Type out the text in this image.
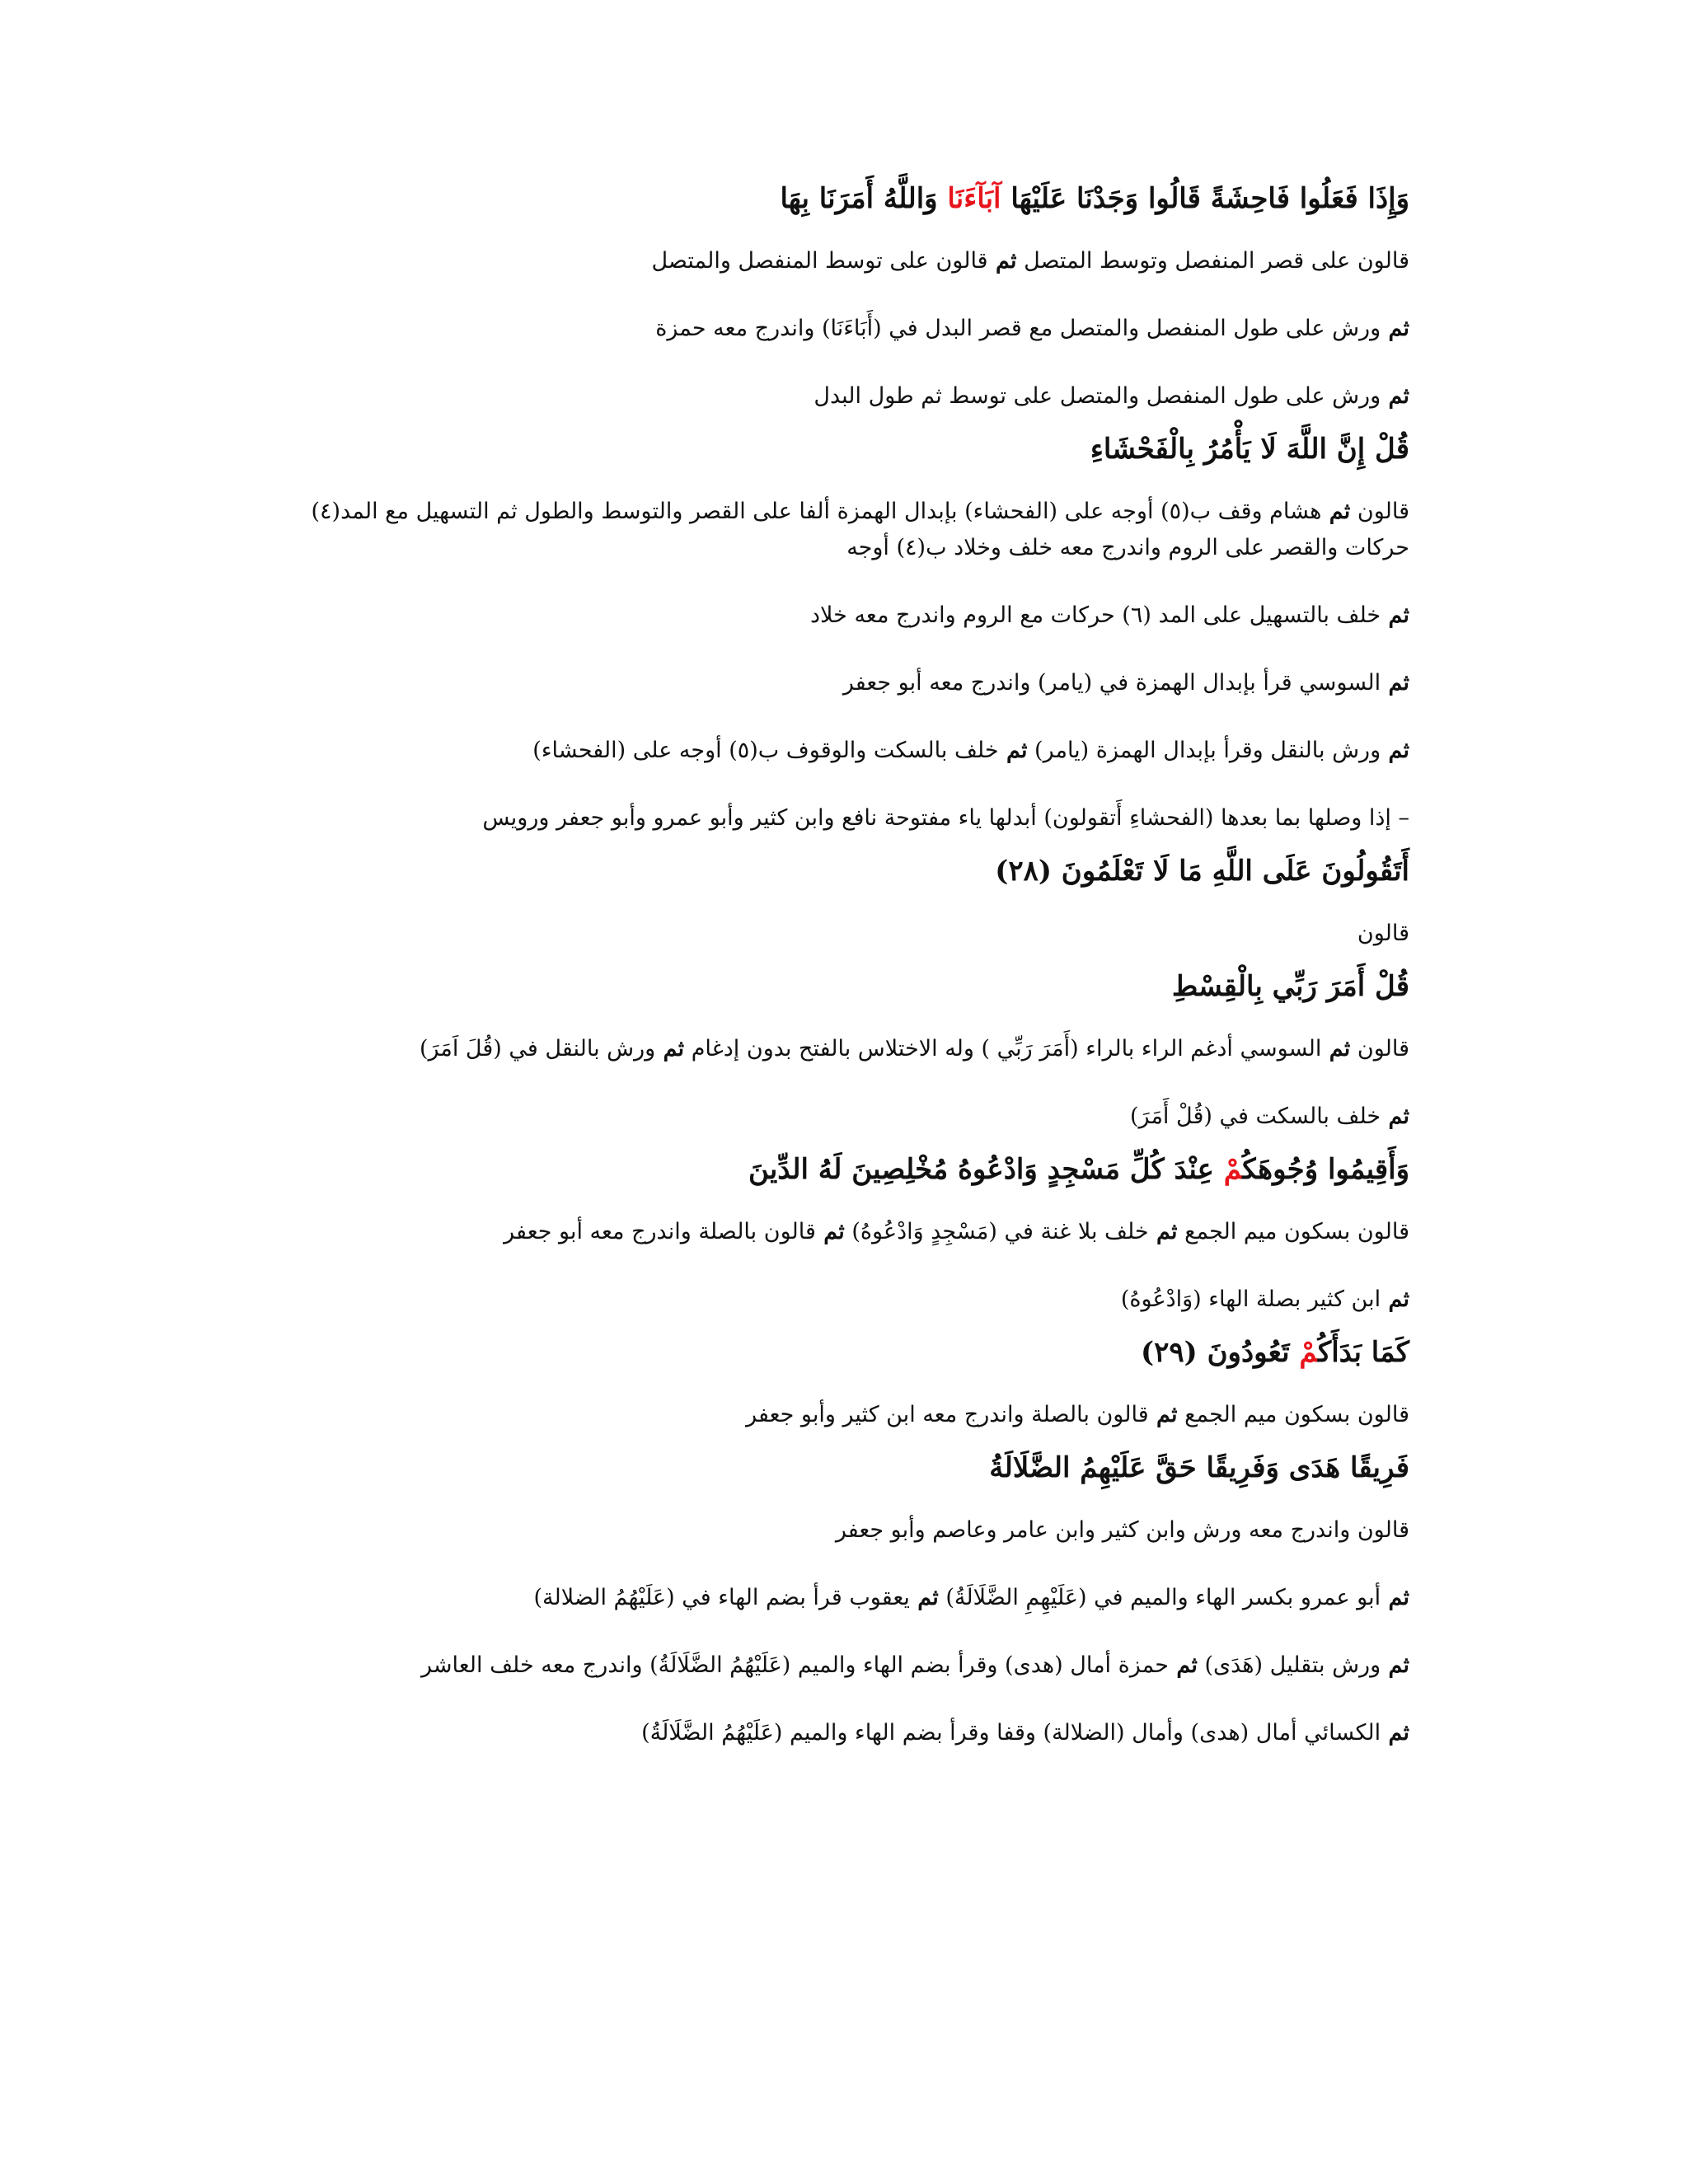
وَإِذَا فَعَلُوا فَاحِشَةً قَالُوا وَجَدْنَا عَلَيْهَا آبَآءَنَا وَاللَّهُ أَمَرَنَا بِهَا

قالون على قصر المنفصل وتوسط المتصل ثم قالون على توسط المنفصل والمتصل

ثم ورش على طول المنفصل والمتصل مع قصر البدل في (أَبَاءَنَا) واندرج معه حمزة

ثم ورش على طول المنفصل والمتصل على توسط ثم طول البدل

قُلْ إِنَّ اللَّهَ لَا يَأْمُرُ بِالْفَحْشَاءِ

قالون ثم هشام وقف ب(٥) أوجه على (الفحشاء) بإبدال الهمزة ألفا على القصر والتوسط والطول ثم التسهيل مع المد(٤) حركات والقصر على الروم واندرج معه خلف وخلاد ب(٤) أوجه

ثم خلف بالتسهيل على المد (٦) حركات مع الروم واندرج معه خلاد

ثم السوسي قرأ بإبدال الهمزة في (يامر) واندرج معه أبو جعفر

ثم ورش بالنقل وقرأ بإبدال الهمزة (يامر) ثم خلف بالسكت والوقوف ب(٥) أوجه على (الفحشاء)

– إذا وصلها بما بعدها (الفحشاءِ أَتقولون) أبدلها ياء مفتوحة نافع وابن كثير وأبو عمرو وأبو جعفر ورويس

أَتَقُولُونَ عَلَى اللَّهِ مَا لَا تَعْلَمُونَ (٢٨)

قالون

قُلْ أَمَرَ رَبِّي بِالْقِسْطِ

قالون ثم السوسي أدغم الراء بالراء (أَمَرَ رَبِّي ) وله الاختلاس بالفتح بدون إدغام ثم ورش بالنقل في (قُلَ اَمَرَ)

ثم خلف بالسكت في (قُلْ أَمَرَ)

وَأَقِيمُوا وُجُوهَكُمْ عِنْدَ كُلِّ مَسْجِدٍ وَادْعُوهُ مُخْلِصِينَ لَهُ الدِّينَ

قالون بسكون ميم الجمع ثم خلف بلا غنة في (مَسْجِدٍ وَادْعُوهُ) ثم قالون بالصلة واندرج معه أبو جعفر

ثم ابن كثير بصلة الهاء (وَادْعُوهُ)

كَمَا بَدَأَكُمْ تَعُودُونَ (٢٩)

قالون بسكون ميم الجمع ثم قالون بالصلة واندرج معه ابن كثير وأبو جعفر

فَرِيقًا هَدَى وَفَرِيقًا حَقَّ عَلَيْهِمُ الضَّلَالَةُ

قالون واندرج معه ورش وابن كثير وابن عامر وعاصم وأبو جعفر

ثم أبو عمرو بكسر الهاء والميم في (عَلَيْهِمِ الضَّلَالَةُ) ثم يعقوب قرأ بضم الهاء في (عَلَيْهُمُ الضلالة)

ثم ورش بتقليل (هَدَى) ثم حمزة أمال (هدى) وقرأ بضم الهاء والميم (عَلَيْهُمُ الضَّلَالَةُ) واندرج معه خلف العاشر

ثم الكسائي أمال (هدى) وأمال (الضلالة) وقفا وقرأ بضم الهاء والميم (عَلَيْهُمُ الضَّلَالَةُ)
